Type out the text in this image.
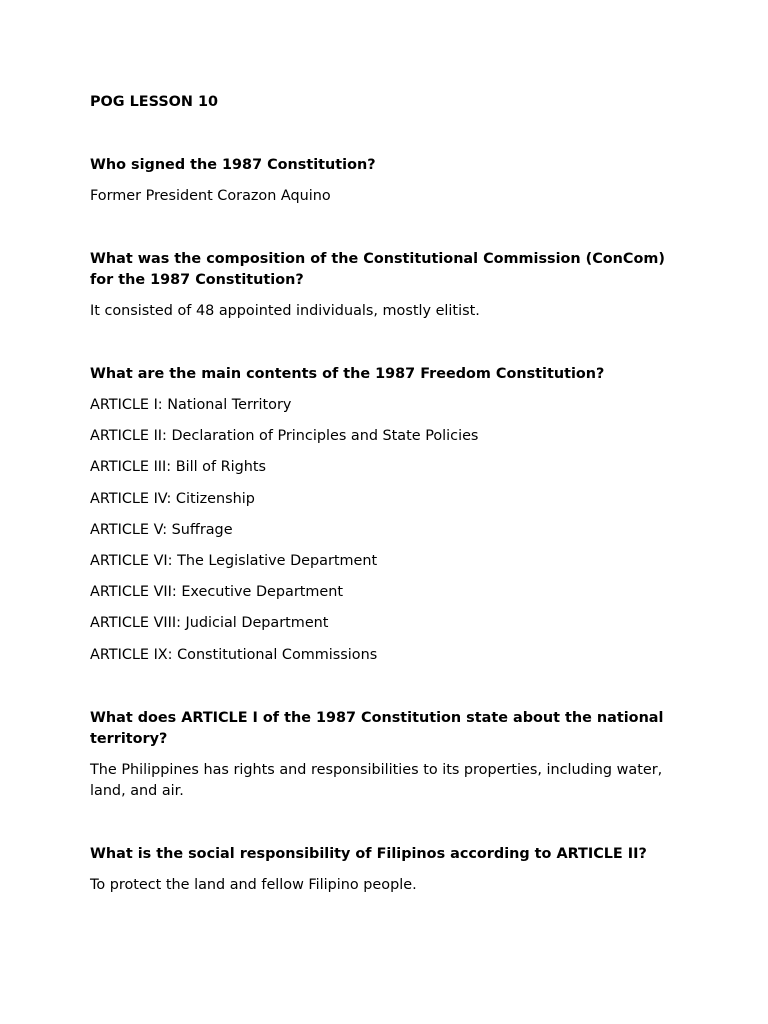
POG LESSON 10

Who signed the 1987 Constitution?

Former President Corazon Aquino

What was the composition of the Constitutional Commission (ConCom) for the 1987 Constitution?

It consisted of 48 appointed individuals, mostly elitist.

What are the main contents of the 1987 Freedom Constitution?

ARTICLE I: National Territory
ARTICLE II: Declaration of Principles and State Policies
ARTICLE III: Bill of Rights
ARTICLE IV: Citizenship
ARTICLE V: Suffrage
ARTICLE VI: The Legislative Department
ARTICLE VII: Executive Department
ARTICLE VIII: Judicial Department
ARTICLE IX: Constitutional Commissions

What does ARTICLE I of the 1987 Constitution state about the national territory?

The Philippines has rights and responsibilities to its properties, including water, land, and air.

What is the social responsibility of Filipinos according to ARTICLE II?

To protect the land and fellow Filipino people.
